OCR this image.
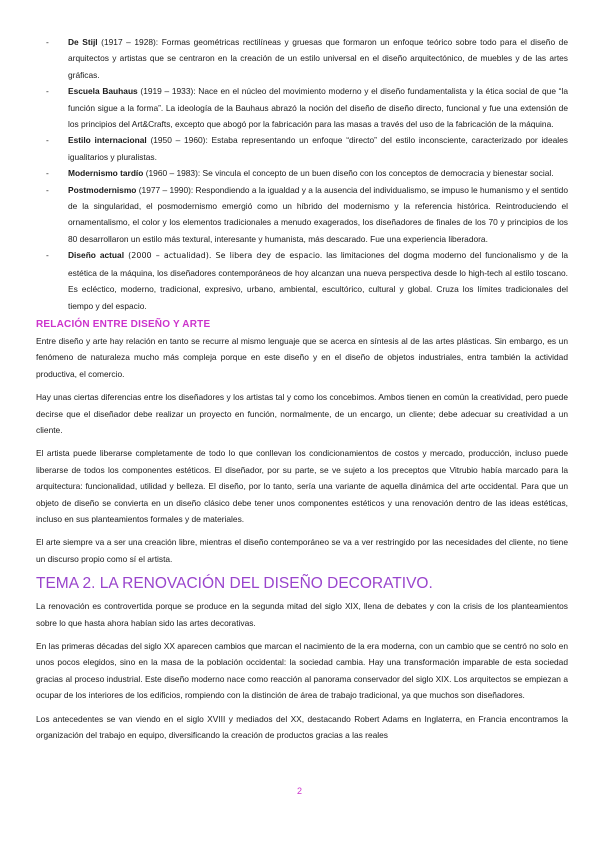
- De Stijl (1917 – 1928): Formas geométricas rectilíneas y gruesas que formaron un enfoque teórico sobre todo para el diseño de arquitectos y artistas que se centraron en la creación de un estilo universal en el diseño arquitectónico, de muebles y de las artes gráficas.
- Escuela Bauhaus (1919 – 1933): Nace en el núcleo del movimiento moderno y el diseño fundamentalista y la ética social de que “la función sigue a la forma”. La ideología de la Bauhaus abrazó la noción del diseño de diseño directo, funcional y fue una extensión de los principios del Art&Crafts, excepto que abogó por la fabricación para las masas a través del uso de la fabricación de la máquina.
- Estilo internacional (1950 – 1960): Estaba representando un enfoque “directo” del estilo inconsciente, caracterizado por ideales igualitarios y pluralistas.
- Modernismo tardío (1960 – 1983): Se vincula el concepto de un buen diseño con los conceptos de democracia y bienestar social.
- Postmodernismo (1977 – 1990): Respondiendo a la igualdad y a la ausencia del individualismo, se impuso le humanismo y el sentido de la singularidad, el posmodernismo emergió como un híbrido del modernismo y la referencia histórica. Reintroduciendo el ornamentalismo, el color y los elementos tradicionales a menudo exagerados, los diseñadores de finales de los 70 y principios de los 80 desarrollaron un estilo más textural, interesante y humanista, más descarado. Fue una experiencia liberadora.
- Diseño actual (2000 – actualidad). Se libera dey de espacio. las limitaciones del dogma moderno del funcionalismo y de la estética de la máquina, los diseñadores contemporáneos de hoy alcanzan una nueva perspectiva desde lo high-tech al estilo toscano. Es ecléctico, moderno, tradicional, expresivo, urbano, ambiental, escultórico, cultural y global. Cruza los límites tradicionales del tiempo y del espacio.
RELACIÓN ENTRE DISEÑO Y ARTE

Entre diseño y arte hay relación en tanto se recurre al mismo lenguaje que se acerca en síntesis al de las artes plásticas. Sin embargo, es un fenómeno de naturaleza mucho más compleja porque en este diseño y en el diseño de objetos industriales, entra también la actividad productiva, el comercio.

Hay unas ciertas diferencias entre los diseñadores y los artistas tal y como los concebimos. Ambos tienen en común la creatividad, pero puede decirse que el diseñador debe realizar un proyecto en función, normalmente, de un encargo, un cliente; debe adecuar su creatividad a un cliente.

El artista puede liberarse completamente de todo lo que conllevan los condicionamientos de costos y mercado, producción, incluso puede liberarse de todos los componentes estéticos. El diseñador, por su parte, se ve sujeto a los preceptos que Vitrubio había marcado para la arquitectura: funcionalidad, utilidad y belleza. El diseño, por lo tanto, sería una variante de aquella dinámica del arte occidental. Para que un objeto de diseño se convierta en un diseño clásico debe tener unos componentes estéticos y una renovación dentro de las ideas estéticas, incluso en sus planteamientos formales y de materiales.

El arte siempre va a ser una creación libre, mientras el diseño contemporáneo se va a ver restringido por las necesidades del cliente, no tiene un discurso propio como sí el artista.

TEMA 2. LA RENOVACIÓN DEL DISEÑO DECORATIVO.

La renovación es controvertida porque se produce en la segunda mitad del siglo XIX, llena de debates y con la crisis de los planteamientos sobre lo que hasta ahora habían sido las artes decorativas.

En las primeras décadas del siglo XX aparecen cambios que marcan el nacimiento de la era moderna, con un cambio que se centró no solo en unos pocos elegidos, sino en la masa de la población occidental: la sociedad cambia. Hay una transformación imparable de esta sociedad gracias al proceso industrial. Este diseño moderno nace como reacción al panorama conservador del siglo XIX. Los arquitectos se empiezan a ocupar de los interiores de los edificios, rompiendo con la distinción de área de trabajo tradicional, ya que muchos son diseñadores.

Los antecedentes se van viendo en el siglo XVIII y mediados del XX, destacando Robert Adams en Inglaterra, en Francia encontramos la organización del trabajo en equipo, diversificando la creación de productos gracias a las reales

2
